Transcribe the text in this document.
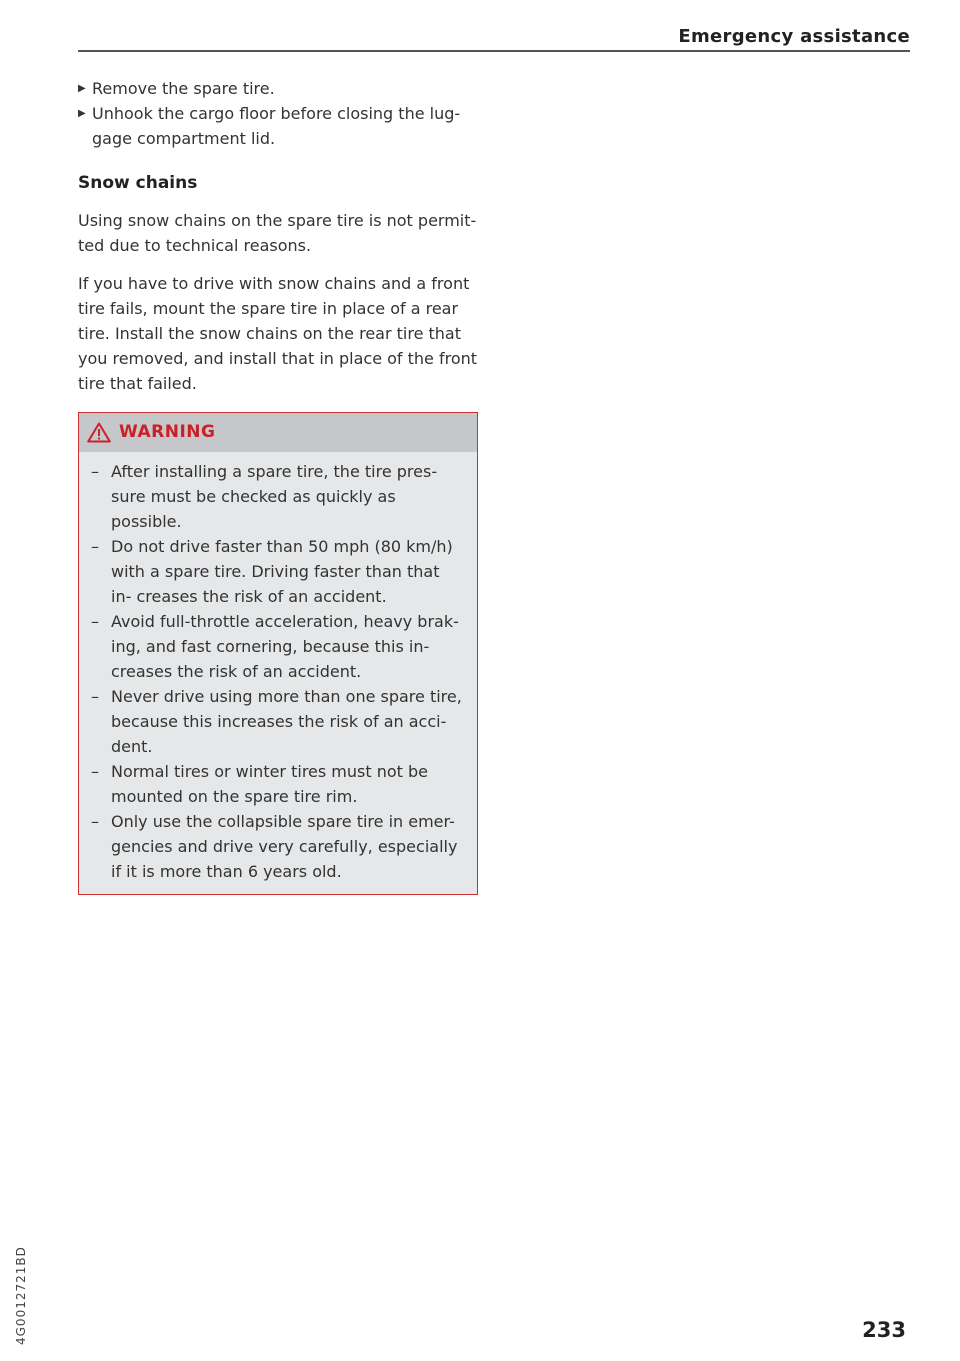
Emergency assistance

▶ Remove the spare tire.

▶ Unhook the cargo floor before closing the lug- gage compartment lid.

Snow chains

Using snow chains on the spare tire is not permit- ted due to technical reasons.

If you have to drive with snow chains and a front tire fails, mount the spare tire in place of a rear tire. Install the snow chains on the rear tire that you removed, and install that in place of the front tire that failed.

WARNING

– After installing a spare tire, the tire pres- sure must be checked as quickly as possible.

– Do not drive faster than 50 mph (80 km/h) with a spare tire. Driving faster than that in- creases the risk of an accident.

– Avoid full-throttle acceleration, heavy brak- ing, and fast cornering, because this in- creases the risk of an accident.

– Never drive using more than one spare tire, because this increases the risk of an acci- dent.

– Normal tires or winter tires must not be mounted on the spare tire rim.

– Only use the collapsible spare tire in emer- gencies and drive very carefully, especially if it is more than 6 years old.

4G0012721BD	233
